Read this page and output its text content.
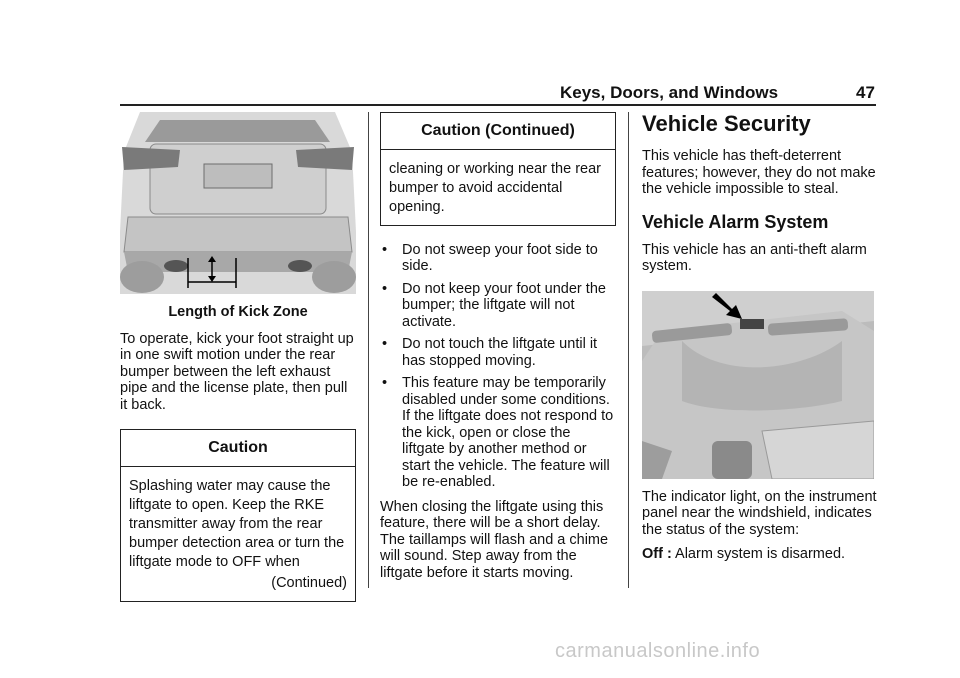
Keys, Doors, and Windows	47
Length of Kick Zone

To operate, kick your foot straight up in one swift motion under the rear bumper between the left exhaust pipe and the license plate, then pull it back.

Caution
Splashing water may cause the liftgate to open. Keep the RKE transmitter away from the rear bumper detection area or turn the liftgate mode to OFF when
(Continued)
Caution (Continued)
cleaning or working near the rear bumper to avoid accidental opening.
• Do not sweep your foot side to side.
• Do not keep your foot under the bumper; the liftgate will not activate.
• Do not touch the liftgate until it has stopped moving.
• This feature may be temporarily disabled under some conditions. If the liftgate does not respond to the kick, open or close the liftgate by another method or start the vehicle. The feature will be re-enabled.

When closing the liftgate using this feature, there will be a short delay. The taillamps will flash and a chime will sound. Step away from the liftgate before it starts moving.

Vehicle Security

This vehicle has theft-deterrent features; however, they do not make the vehicle impossible to steal.

Vehicle Alarm System

This vehicle has an anti-theft alarm system.

The indicator light, on the instrument panel near the windshield, indicates the status of the system:

Off : Alarm system is disarmed.

carmanualsonline.info
